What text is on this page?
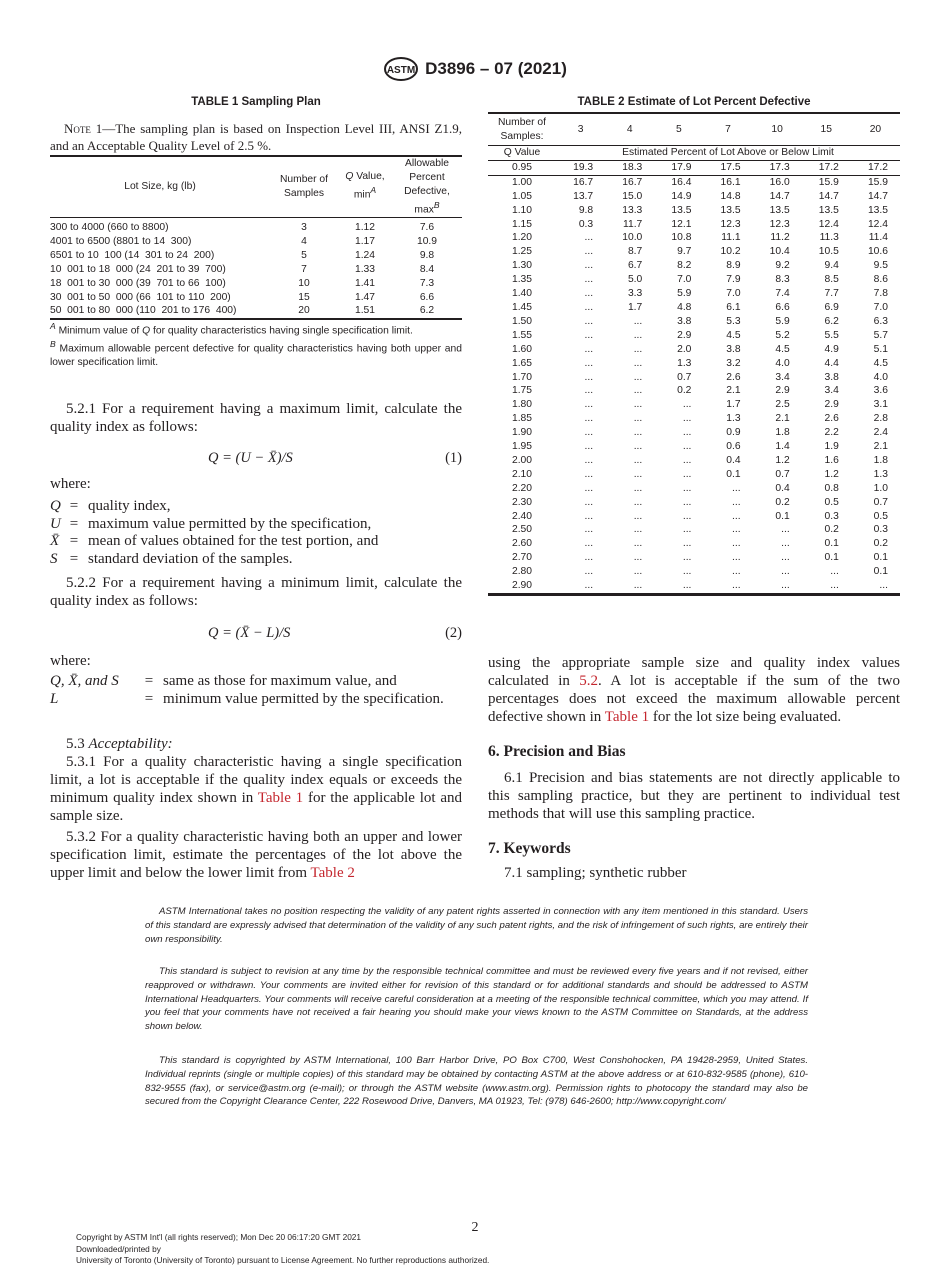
ASTM D3896 – 07 (2021)
TABLE 1 Sampling Plan
Note 1—The sampling plan is based on Inspection Level III, ANSI Z1.9, and an Acceptable Quality Level of 2.5 %.
Lot Size, kg (lb)	Number of Samples	Q Value, $\min^A$	Allowable Percent Defective, $\max^B$
300 to 4000 (660 to 8800)	3	1.12	7.6
4001 to 6500 (8801 to 14  300)	4	1.17	10.9
6501 to 10  100 (14  301 to 24  200)	5	1.24	9.8
10  001 to 18  000 (24  201 to 39  700)	7	1.33	8.4
18  001 to 30  000 (39  701 to 66  100)	10	1.41	7.3
30  001 to 50  000 (66  101 to 110  200)	15	1.47	6.6
50  001 to 80  000 (110  201 to 176  400)	20	1.51	6.2
$^A$ Minimum value of Q for quality characteristics having single specification limit.
$^B$ Maximum allowable percent defective for quality characteristics having both upper and lower specification limit.
TABLE 2 Estimate of Lot Percent Defective
Number of Samples:	3	4	5	7	10	15	20
Q Value	Estimated Percent of Lot Above or Below Limit						
0.95	19.3	18.3	17.9	17.5	17.3	17.2	17.2
1.00	16.7	16.7	16.4	16.1	16.0	15.9	15.9
1.05	13.7	15.0	14.9	14.8	14.7	14.7	14.7
1.10	9.8	13.3	13.5	13.5	13.5	13.5	13.5
1.15	0.3	11.7	12.1	12.3	12.3	12.4	12.4
1.20	...	10.0	10.8	11.1	11.2	11.3	11.4
1.25	...	8.7	9.7	10.2	10.4	10.5	10.6
1.30	...	6.7	8.2	8.9	9.2	9.4	9.5
1.35	...	5.0	7.0	7.9	8.3	8.5	8.6
1.40	...	3.3	5.9	7.0	7.4	7.7	7.8
1.45	...	1.7	4.8	6.1	6.6	6.9	7.0
1.50	...	...	3.8	5.3	5.9	6.2	6.3
1.55	...	...	2.9	4.5	5.2	5.5	5.7
1.60	...	...	2.0	3.8	4.5	4.9	5.1
1.65	...	...	1.3	3.2	4.0	4.4	4.5
1.70	...	...	0.7	2.6	3.4	3.8	4.0
1.75	...	...	0.2	2.1	2.9	3.4	3.6
1.80	...	...	...	1.7	2.5	2.9	3.1
1.85	...	...	...	1.3	2.1	2.6	2.8
1.90	...	...	...	0.9	1.8	2.2	2.4
1.95	...	...	...	0.6	1.4	1.9	2.1
2.00	...	...	...	0.4	1.2	1.6	1.8
2.10	...	...	...	0.1	0.7	1.2	1.3
2.20	...	...	...	...	0.4	0.8	1.0
2.30	...	...	...	...	0.2	0.5	0.7
2.40	...	...	...	...	0.1	0.3	0.5
2.50	...	...	...	...	...	0.2	0.3
2.60	...	...	...	...	...	0.1	0.2
2.70	...	...	...	...	...	0.1	0.1
2.80	...	...	...	...	...	...	0.1
2.90	...	...	...	...	...	...	...
5.2.1 For a requirement having a maximum limit, calculate the quality index as follows:
Q = (U − X̄)/S	(1)
where:
Q	=	quality index,
U	=	maximum value permitted by the specification,
X̄	=	mean of values obtained for the test portion, and
S	=	standard deviation of the samples.
5.2.2 For a requirement having a minimum limit, calculate the quality index as follows:
Q = (X̄ − L)/S	(2)
where:
Q, X̄, and S	=	same as those for maximum value, and
L	=	minimum value permitted by the specification.
5.3 Acceptability:
5.3.1 For a quality characteristic having a single specification limit, a lot is acceptable if the quality index equals or exceeds the minimum quality index shown in Table 1 for the applicable lot and sample size.
5.3.2 For a quality characteristic having both an upper and lower specification limit, estimate the percentages of the lot above the upper limit and below the lower limit from Table 2
using the appropriate sample size and quality index values calculated in 5.2. A lot is acceptable if the sum of the two percentages does not exceed the maximum allowable percent defective shown in Table 1 for the lot size being evaluated.
6. Precision and Bias
6.1 Precision and bias statements are not directly applicable to this sampling practice, but they are pertinent to individual test methods that will use this sampling practice.
7. Keywords
7.1 sampling; synthetic rubber
ASTM International takes no position respecting the validity of any patent rights asserted in connection with any item mentioned in this standard. Users of this standard are expressly advised that determination of the validity of any such patent rights, and the risk of infringement of such rights, are entirely their own responsibility.
This standard is subject to revision at any time by the responsible technical committee and must be reviewed every five years and if not revised, either reapproved or withdrawn. Your comments are invited either for revision of this standard or for additional standards and should be addressed to ASTM International Headquarters. Your comments will receive careful consideration at a meeting of the responsible technical committee, which you may attend. If you feel that your comments have not received a fair hearing you should make your views known to the ASTM Committee on Standards, at the address shown below.
This standard is copyrighted by ASTM International, 100 Barr Harbor Drive, PO Box C700, West Conshohocken, PA 19428-2959, United States. Individual reprints (single or multiple copies) of this standard may be obtained by contacting ASTM at the above address or at 610-832-9585 (phone), 610-832-9555 (fax), or service@astm.org (e-mail); or through the ASTM website (www.astm.org). Permission rights to photocopy the standard may also be secured from the Copyright Clearance Center, 222 Rosewood Drive, Danvers, MA 01923, Tel: (978) 646-2600; http://www.copyright.com/
2
Copyright by ASTM Int'l (all rights reserved); Mon Dec 20 06:17:20 GMT 2021
Downloaded/printed by
University of Toronto (University of Toronto) pursuant to License Agreement. No further reproductions authorized.
